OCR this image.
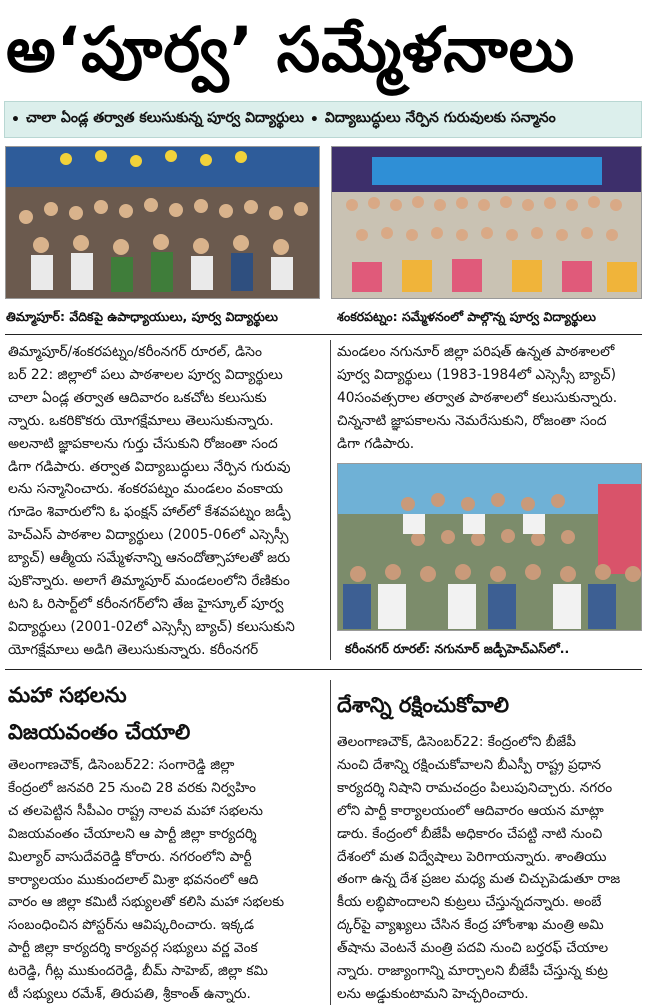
అ‘పూర్వ’ సమ్మేళనాలు
• చాలా ఏండ్ల తర్వాత కలుసుకున్న పూర్వ విద్యార్థులు • విద్యాబుద్ధులు నేర్పిన గురువులకు సన్మానం
తిమ్మాపూర్: వేదికపై ఉపాధ్యాయులు, పూర్వ విద్యార్థులు	శంకరపట్నం: సమ్మేళనంలో పాల్గొన్న పూర్వ విద్యార్థులు
తిమ్మాపూర్/శంకరపట్నం/కరీంనగర్ రూరల్, డిసెం
బర్ 22: జిల్లాలో పలు పాఠశాలల పూర్వ విద్యార్థులు
చాలా ఏండ్ల తర్వాత ఆదివారం ఒకచోట కలుసుకు
న్నారు. ఒకరికొకరు యోగక్షేమాలు తెలుసుకున్నారు.
అలనాటి జ్ఞాపకాలను గుర్తు చేసుకుని రోజంతా సంద
డిగా గడిపారు. తర్వాత విద్యాబుద్ధులు నేర్పిన గురువు
లను సన్మానించారు. శంకరపట్నం మండలం వంకాయ
గూడెం శివారులోని ఓ ఫంక్షన్ హాల్‌లో కేశవపట్నం జడ్పీ
హెచ్ఎస్ పాఠశాల విద్యార్థులు (2005-06లో ఎస్సెస్సీ
బ్యాచ్) ఆత్మీయ సమ్మేళనాన్ని ఆనందోత్సాహాలతో జరు
పుకొన్నారు. అలాగే తిమ్మాపూర్ మండలంలోని రేణికుం
టని ఓ రిసార్ట్‌లో కరీంనగర్‌లోని తేజ హైస్కూల్ పూర్వ
విద్యార్థులు (2001-02లో ఎస్సెస్సీ బ్యాచ్) కలుసుకుని
యోగక్షేమాలు అడిగి తెలుసుకున్నారు. కరీంనగర్
మండలం నగునూర్ జిల్లా పరిషత్ ఉన్నత పాఠశాలలో
పూర్వ విద్యార్థులు (1983-1984లో ఎస్సెస్సీ బ్యాచ్)
40సంవత్సరాల తర్వాత పాఠశాలలో కలుసుకున్నారు.
చిన్ననాటి జ్ఞాపకాలను నెమరేసుకుని, రోజంతా సంద
డిగా గడిపారు.
కరీంనగర్ రూరల్: నగునూర్ జడ్పీహెచ్ఎస్‌లో..
మహా సభలను
విజయవంతం చేయాలి
తెలంగాణచౌక్, డిసెంబర్22: సంగారెడ్డి జిల్లా
కేంద్రంలో జనవరి 25 నుంచి 28 వరకు నిర్వహిం
చ తలపెట్టిన సీపీఎం రాష్ట్ర నాలవ మహా సభలను
విజయవంతం చేయాలని ఆ పార్టీ జిల్లా కార్యదర్శి
మిల్యార్ వాసుదేవరెడ్డి కోరారు. నగరంలోని పార్టీ
కార్యాలయం ముకుందలాల్ మిశ్రా భవనంలో ఆది
వారం ఆ జిల్లా కమిటీ సభ్యులతో కలిసి మహా సభలకు
సంబంధించిన పోస్టర్‌ను ఆవిష్కరించారు. ఇక్కడ
పార్టీ జిల్లా కార్యదర్శి కార్యవర్గ సభ్యులు వర్ణ వెంక
టరెడ్డి, గీట్ల ముకుందరెడ్డి, బీమ్ సాహెబ్, జిల్లా కమి
టీ సభ్యులు రమేశ్, తిరుపతి, శ్రీకాంత్ ఉన్నారు.
దేశాన్ని రక్షించుకోవాలి
తెలంగాణచౌక్, డిసెంబర్22: కేంద్రంలోని బీజేపీ
నుంచి దేశాన్ని రక్షించుకోవాలని బీఎస్పీ రాష్ట్ర ప్రధాన
కార్యదర్శి నిషాని రామచంద్రం పిలుపునిచ్చారు. నగరం
లోని పార్టీ కార్యాలయంలో ఆదివారం ఆయన మాట్లా
డారు. కేంద్రంలో బీజేపీ అధికారం చేపట్టి నాటి నుంచి
దేశంలో మత విద్వేషాలు పెరిగాయన్నారు. శాంతియు
తంగా ఉన్న దేశ ప్రజల మధ్య మత చిచ్చుపెడుతూ రాజ
కీయ లబ్ధిపొందాలని కుట్రలు చేస్తున్నదన్నారు. అంబే
ద్కర్‌పై వ్యాఖ్యలు చేసిన కేంద్ర హోంశాఖ మంత్రి అమి
త్‌షాను వెంటనే మంత్రి పదవి నుంచి బర్తరఫ్ చేయాల
న్నారు. రాజ్యాంగాన్ని మార్చాలని బీజేపీ చేస్తున్న కుట్ర
లను అడ్డుకుంటామని హెచ్చరించారు.
